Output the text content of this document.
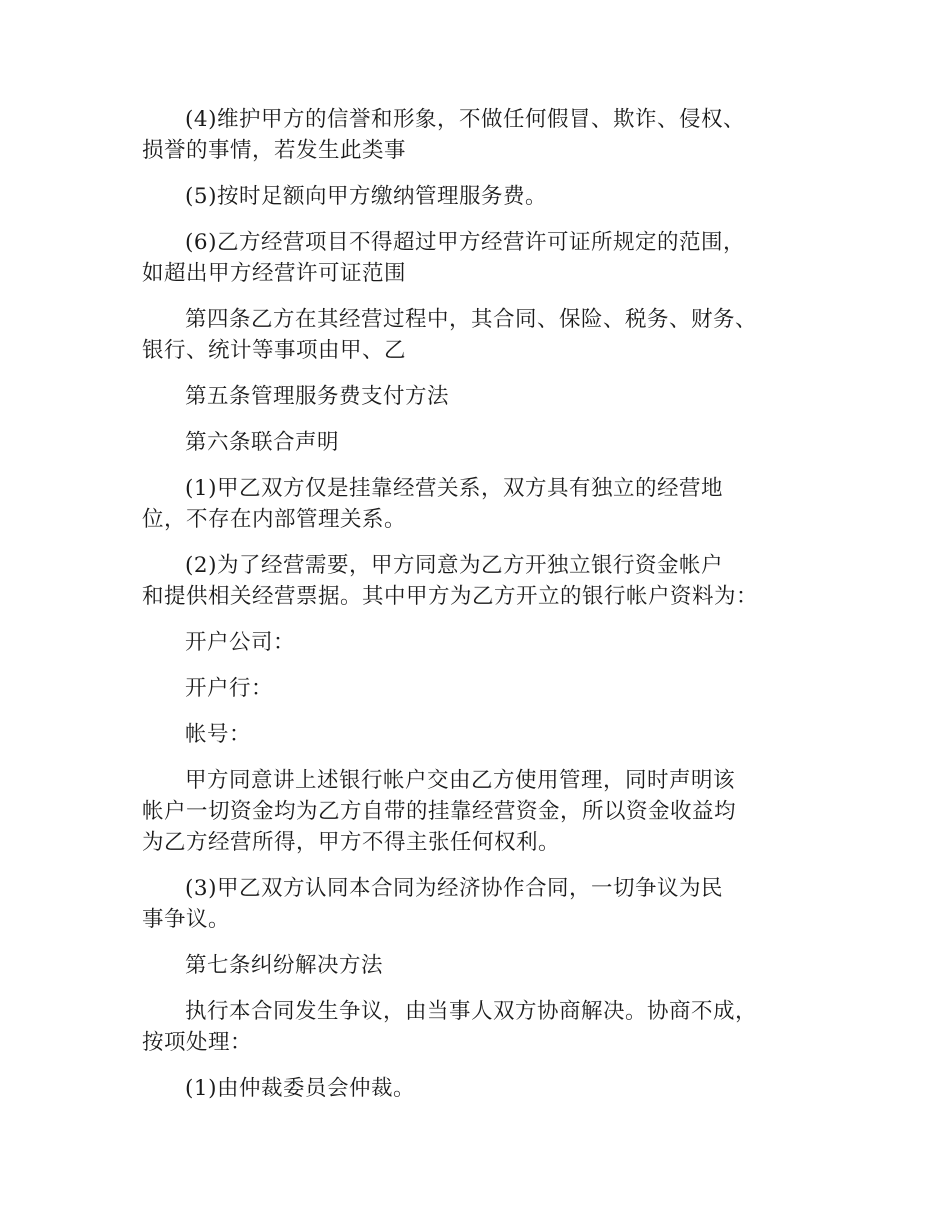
(4)维护甲方的信誉和形象，不做任何假冒、欺诈、侵权、
损誉的事情，若发生此类事

(5)按时足额向甲方缴纳管理服务费。

(6)乙方经营项目不得超过甲方经营许可证所规定的范围，
如超出甲方经营许可证范围

第四条乙方在其经营过程中，其合同、保险、税务、财务、
银行、统计等事项由甲、乙

第五条管理服务费支付方法

第六条联合声明

(1)甲乙双方仅是挂靠经营关系，双方具有独立的经营地
位，不存在内部管理关系。

(2)为了经营需要，甲方同意为乙方开独立银行资金帐户
和提供相关经营票据。其中甲方为乙方开立的银行帐户资料为：

开户公司：

开户行：

帐号：

甲方同意讲上述银行帐户交由乙方使用管理，同时声明该
帐户一切资金均为乙方自带的挂靠经营资金，所以资金收益均
为乙方经营所得，甲方不得主张任何权利。

(3)甲乙双方认同本合同为经济协作合同，一切争议为民
事争议。

第七条纠纷解决方法

执行本合同发生争议，由当事人双方协商解决。协商不成，
按项处理：

(1)由仲裁委员会仲裁。
